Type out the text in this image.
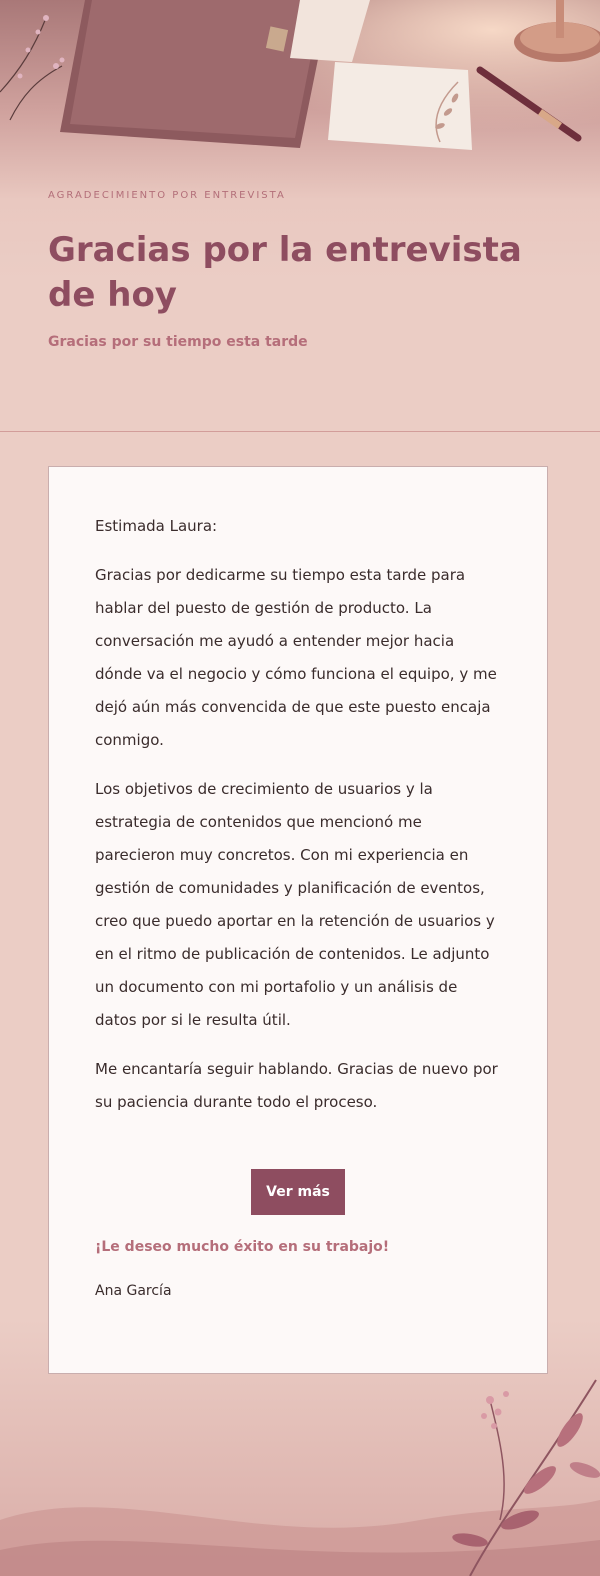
AGRADECIMIENTO POR ENTREVISTA

Gracias por la entrevista de hoy

Gracias por su tiempo esta tarde

Estimada Laura:

Gracias por dedicarme su tiempo esta tarde para hablar del puesto de gestión de producto. La conversación me ayudó a entender mejor hacia dónde va el negocio y cómo funciona el equipo, y me dejó aún más convencida de que este puesto encaja conmigo.

Los objetivos de crecimiento de usuarios y la estrategia de contenidos que mencionó me parecieron muy concretos. Con mi experiencia en gestión de comunidades y planificación de eventos, creo que puedo aportar en la retención de usuarios y en el ritmo de publicación de contenidos. Le adjunto un documento con mi portafolio y un análisis de datos por si le resulta útil.

Me encantaría seguir hablando. Gracias de nuevo por su paciencia durante todo el proceso.

Ver más

¡Le deseo mucho éxito en su trabajo!

Ana García
